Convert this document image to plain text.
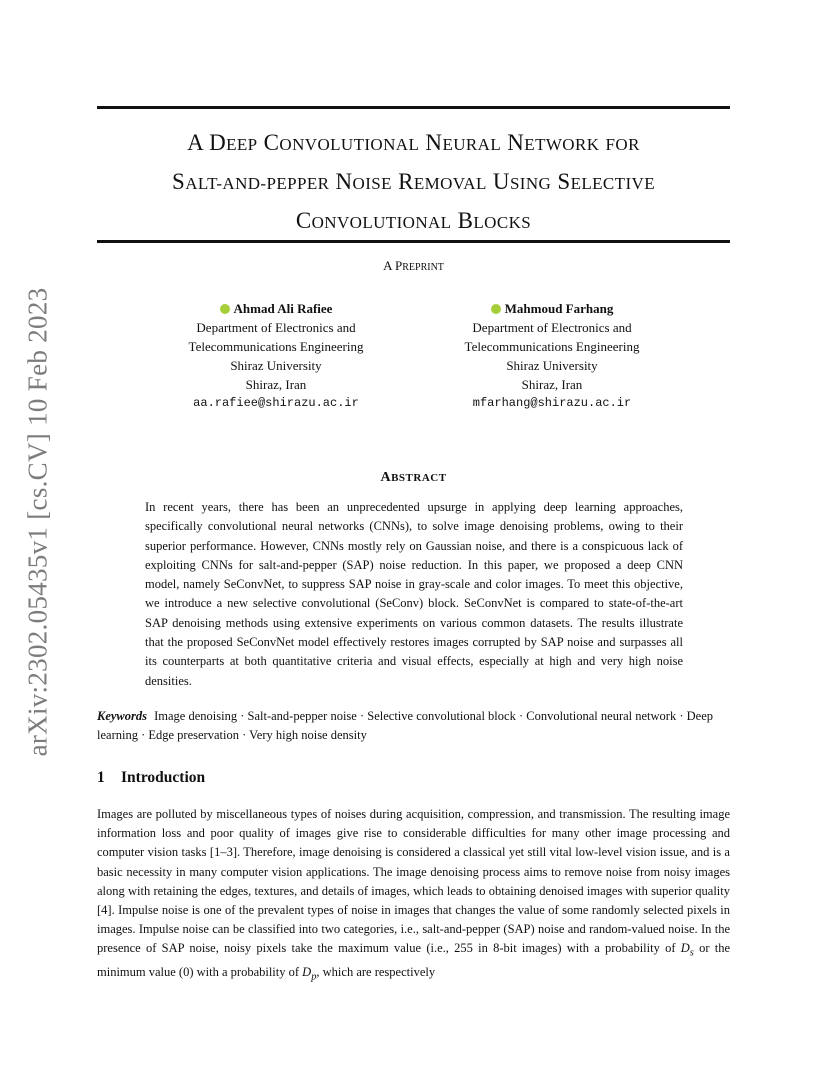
arXiv:2302.05435v1 [cs.CV] 10 Feb 2023
A DEEP CONVOLUTIONAL NEURAL NETWORK FOR
SALT-AND-PEPPER NOISE REMOVAL USING SELECTIVE
CONVOLUTIONAL BLOCKS
A PREPRINT
Ahmad Ali Rafiee
Department of Electronics and
Telecommunications Engineering
Shiraz University
Shiraz, Iran
aa.rafiee@shirazu.ac.ir
Mahmoud Farhang
Department of Electronics and
Telecommunications Engineering
Shiraz University
Shiraz, Iran
mfarhang@shirazu.ac.ir
ABSTRACT
In recent years, there has been an unprecedented upsurge in applying deep learning approaches, specifically convolutional neural networks (CNNs), to solve image denoising problems, owing to their superior performance. However, CNNs mostly rely on Gaussian noise, and there is a conspicuous lack of exploiting CNNs for salt-and-pepper (SAP) noise reduction. In this paper, we proposed a deep CNN model, namely SeConvNet, to suppress SAP noise in gray-scale and color images. To meet this objective, we introduce a new selective convolutional (SeConv) block. SeConvNet is compared to state-of-the-art SAP denoising methods using extensive experiments on various common datasets. The results illustrate that the proposed SeConvNet model effectively restores images corrupted by SAP noise and surpasses all its counterparts at both quantitative criteria and visual effects, especially at high and very high noise densities.
Keywords Image denoising · Salt-and-pepper noise · Selective convolutional block · Convolutional neural network · Deep learning · Edge preservation · Very high noise density
1 Introduction
Images are polluted by miscellaneous types of noises during acquisition, compression, and transmission. The resulting image information loss and poor quality of images give rise to considerable difficulties for many other image processing and computer vision tasks [1–3]. Therefore, image denoising is considered a classical yet still vital low-level vision issue, and is a basic necessity in many computer vision applications. The image denoising process aims to remove noise from noisy images along with retaining the edges, textures, and details of images, which leads to obtaining denoised images with superior quality [4]. Impulse noise is one of the prevalent types of noise in images that changes the value of some randomly selected pixels in images. Impulse noise can be classified into two categories, i.e., salt-and-pepper (SAP) noise and random-valued noise. In the presence of SAP noise, noisy pixels take the maximum value (i.e., 255 in 8-bit images) with a probability of $D_s$ or the minimum value (0) with a probability of $D_p$, which are respectively
